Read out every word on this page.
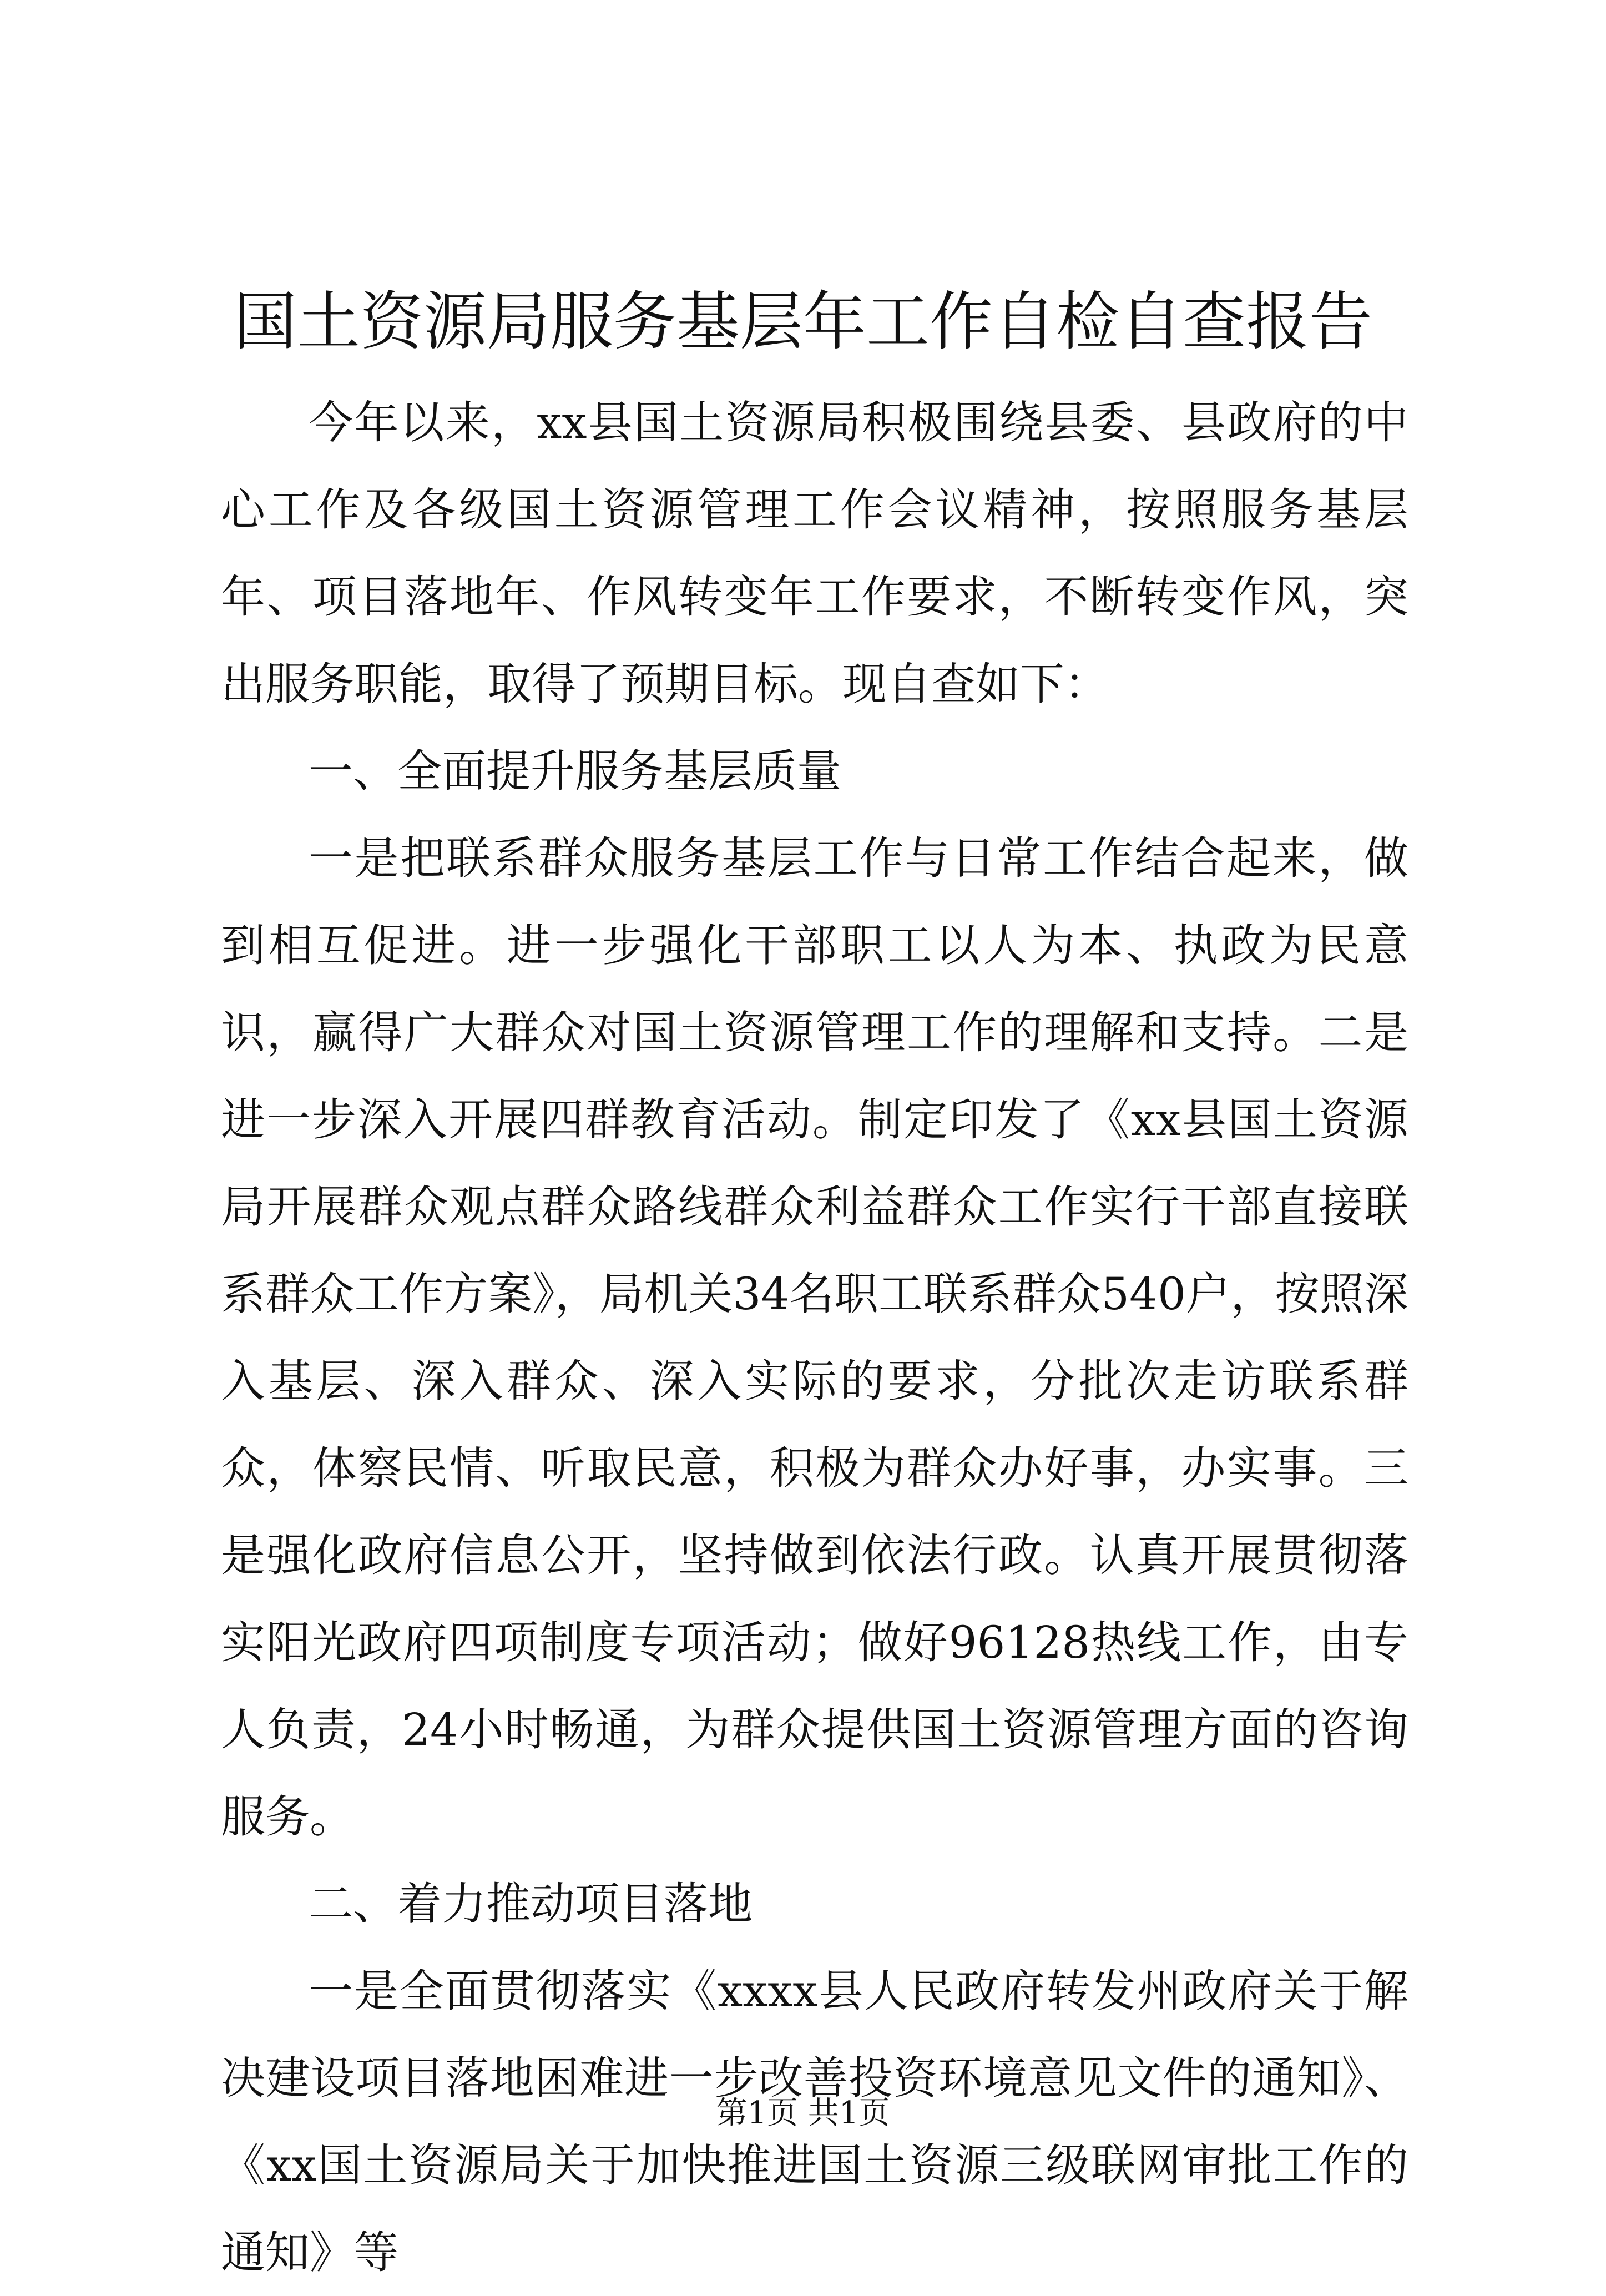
国土资源局服务基层年工作自检自查报告

今年以来，xx县国土资源局积极围绕县委、县政府的中心工作及各级国土资源管理工作会议精神，按照服务基层年、项目落地年、作风转变年工作要求，不断转变作风，突出服务职能，取得了预期目标。现自查如下：

一、全面提升服务基层质量

一是把联系群众服务基层工作与日常工作结合起来，做到相互促进。进一步强化干部职工以人为本、执政为民意识，赢得广大群众对国土资源管理工作的理解和支持。二是进一步深入开展四群教育活动。制定印发了《xx县国土资源局开展群众观点群众路线群众利益群众工作实行干部直接联系群众工作方案》，局机关34名职工联系群众540户，按照深入基层、深入群众、深入实际的要求，分批次走访联系群众，体察民情、听取民意，积极为群众办好事，办实事。三是强化政府信息公开，坚持做到依法行政。认真开展贯彻落实阳光政府四项制度专项活动；做好96128热线工作，由专人负责，24小时畅通，为群众提供国土资源管理方面的咨询服务。

二、着力推动项目落地

一是全面贯彻落实《xxxx县人民政府转发州政府关于解决建设项目落地困难进一步改善投资环境意见文件的通知》、《xx国土资源局关于加快推进国土资源三级联网审批工作的通知》等

第1页 共1页
